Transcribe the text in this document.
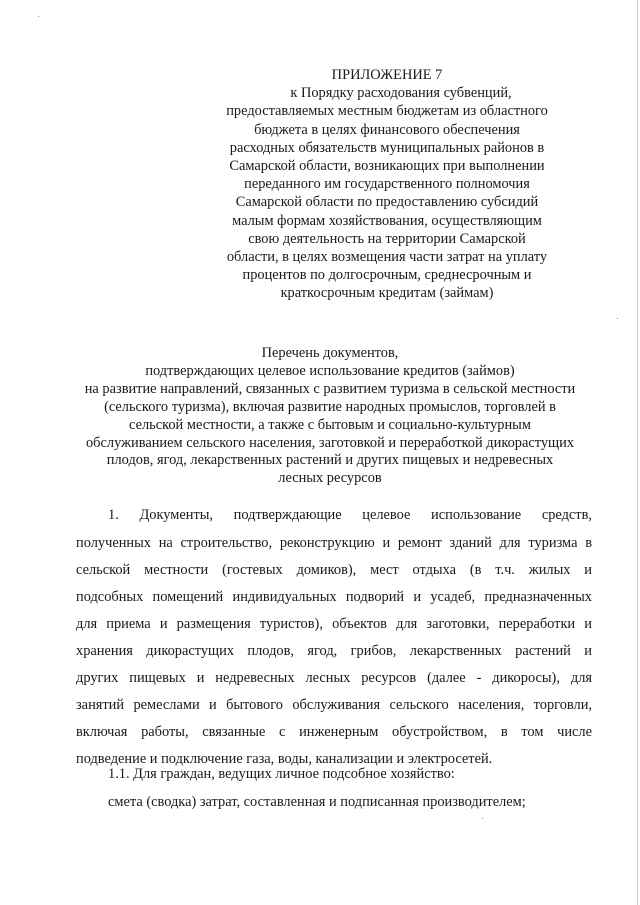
ПРИЛОЖЕНИЕ 7
к Порядку расходования субвенций,
предоставляемых местным бюджетам из областного
бюджета в целях финансового обеспечения
расходных обязательств муниципальных районов в
Самарской области, возникающих при выполнении
переданного им государственного полномочия
Самарской области по предоставлению субсидий
малым формам хозяйствования, осуществляющим
свою деятельность на территории Самарской
области, в целях возмещения части затрат на уплату
процентов по долгосрочным, среднесрочным и
краткосрочным кредитам (займам)
Перечень документов,
подтверждающих целевое использование кредитов (займов)
на развитие направлений, связанных с развитием туризма в сельской местности
(сельского туризма), включая развитие народных промыслов, торговлей в
сельской местности, а также с бытовым и социально-культурным
обслуживанием сельского населения, заготовкой и переработкой дикорастущих
плодов, ягод, лекарственных растений и других пищевых и недревесных
лесных ресурсов
1. Документы, подтверждающие целевое использование средств,
полученных на строительство, реконструкцию и ремонт зданий для туризма в
сельской местности (гостевых домиков), мест отдыха (в т.ч. жилых и
подсобных помещений индивидуальных подворий и усадеб, предназначенных
для приема и размещения туристов), объектов для заготовки, переработки и
хранения дикорастущих плодов, ягод, грибов, лекарственных растений и
других пищевых и недревесных лесных ресурсов (далее - дикоросы), для
занятий ремеслами и бытового обслуживания сельского населения, торговли,
включая работы, связанные с инженерным обустройством, в том числе
подведение и подключение газа, воды, канализации и электросетей.
1.1. Для граждан, ведущих личное подсобное хозяйство:
смета (сводка) затрат, составленная и подписанная производителем;
